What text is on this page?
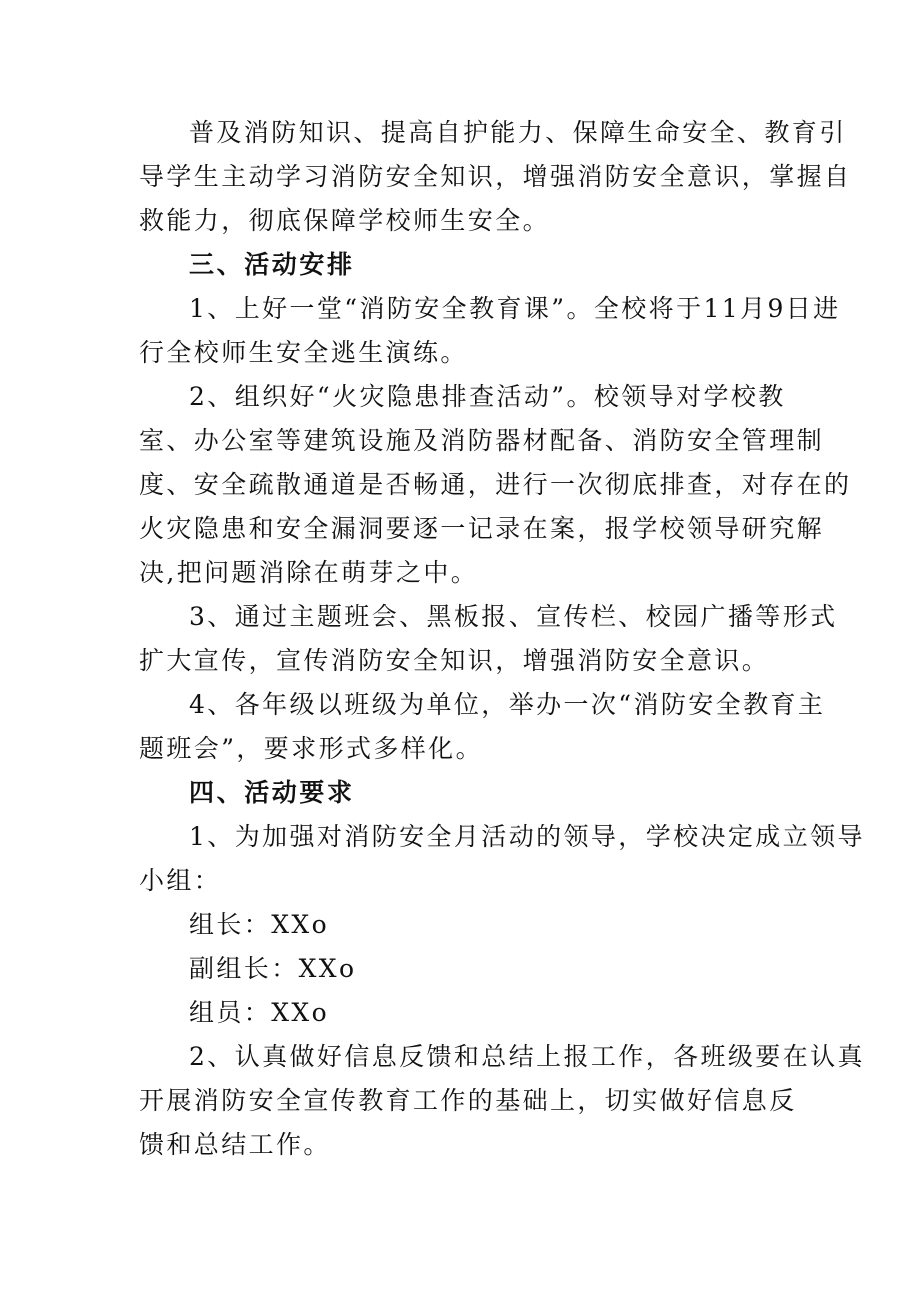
普及消防知识、提高自护能力、保障生命安全、教育引
导学生主动学习消防安全知识，增强消防安全意识，掌握自
救能力，彻底保障学校师生安全。
三、活动安排
1、上好一堂“消防安全教育课”。全校将于11月9日进
行全校师生安全逃生演练。
2、组织好“火灾隐患排查活动”。校领导对学校教
室、办公室等建筑设施及消防器材配备、消防安全管理制
度、安全疏散通道是否畅通，进行一次彻底排查，对存在的
火灾隐患和安全漏洞要逐一记录在案，报学校领导研究解
决,把问题消除在萌芽之中。
3、通过主题班会、黑板报、宣传栏、校园广播等形式
扩大宣传，宣传消防安全知识，增强消防安全意识。
4、各年级以班级为单位，举办一次“消防安全教育主
题班会”，要求形式多样化。
四、活动要求
1、为加强对消防安全月活动的领导，学校决定成立领导
小组：
组长：XXo
副组长：XXo
组员：XXo
2、认真做好信息反馈和总结上报工作，各班级要在认真
开展消防安全宣传教育工作的基础上，切实做好信息反
馈和总结工作。
